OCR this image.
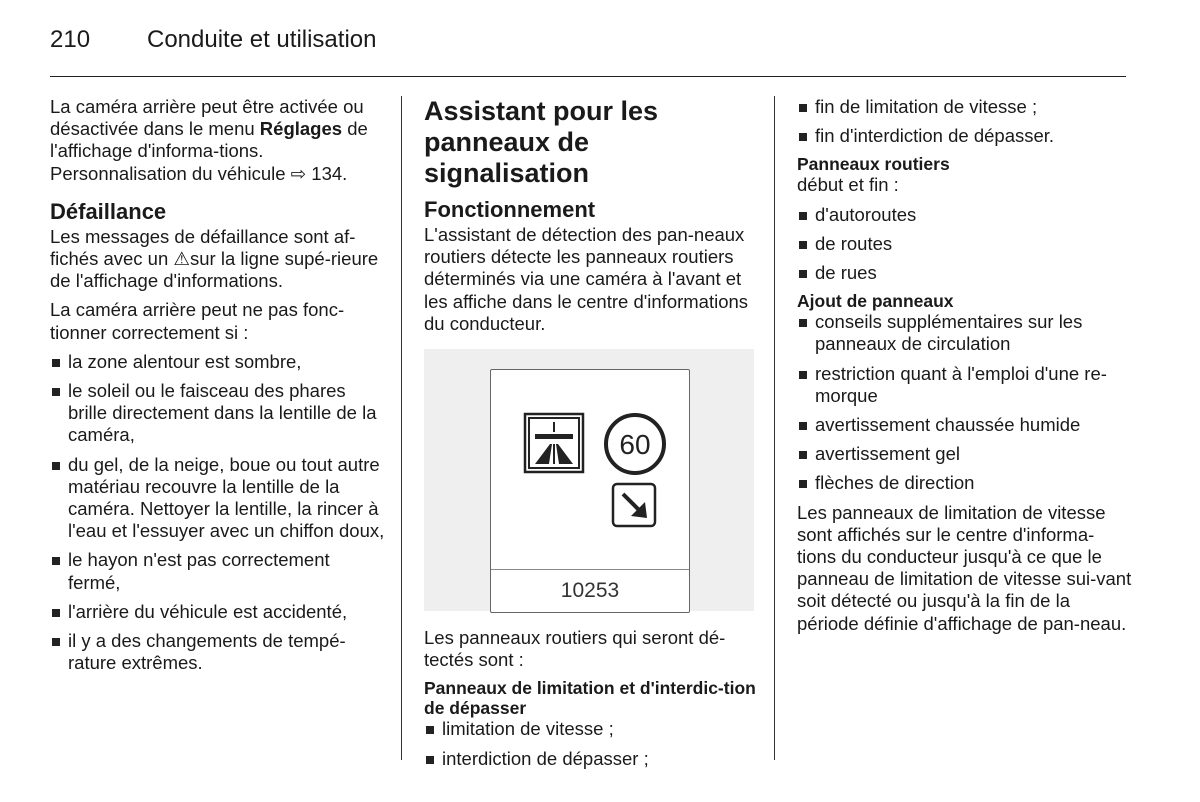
210 Conduite et utilisation

La caméra arrière peut être activée ou désactivée dans le menu Réglages de l'affichage d'informa-tions. Personnalisation du véhicule ⇨ 134.

Défaillance

Les messages de défaillance sont af-fichés avec un ⚠sur la ligne supé-rieure de l'affichage d'informations.

La caméra arrière peut ne pas fonc-tionner correctement si :

la zone alentour est sombre,
le soleil ou le faisceau des phares brille directement dans la lentille de la caméra,
du gel, de la neige, boue ou tout autre matériau recouvre la lentille de la caméra. Nettoyer la lentille, la rincer à l'eau et l'essuyer avec un chiffon doux,
le hayon n'est pas correctement fermé,
l'arrière du véhicule est accidenté,
il y a des changements de tempé-rature extrêmes.
Assistant pour les panneaux de signalisation
Fonctionnement

L'assistant de détection des pan-neaux routiers détecte les panneaux routiers déterminés via une caméra à l'avant et les affiche dans le centre d'informations du conducteur.

60
10253

Les panneaux routiers qui seront dé-tectés sont :

Panneaux de limitation et d'interdic-tion de dépasser
limitation de vitesse ;
interdiction de dépasser ;
fin de limitation de vitesse ;
fin d'interdiction de dépasser.
Panneaux routiers

début et fin :

d'autoroutes
de routes
de rues
Ajout de panneaux
conseils supplémentaires sur les panneaux de circulation
restriction quant à l'emploi d'une re-morque
avertissement chaussée humide
avertissement gel
flèches de direction

Les panneaux de limitation de vitesse sont affichés sur le centre d'informa-tions du conducteur jusqu'à ce que le panneau de limitation de vitesse sui-vant soit détecté ou jusqu'à la fin de la période définie d'affichage de pan-neau.
